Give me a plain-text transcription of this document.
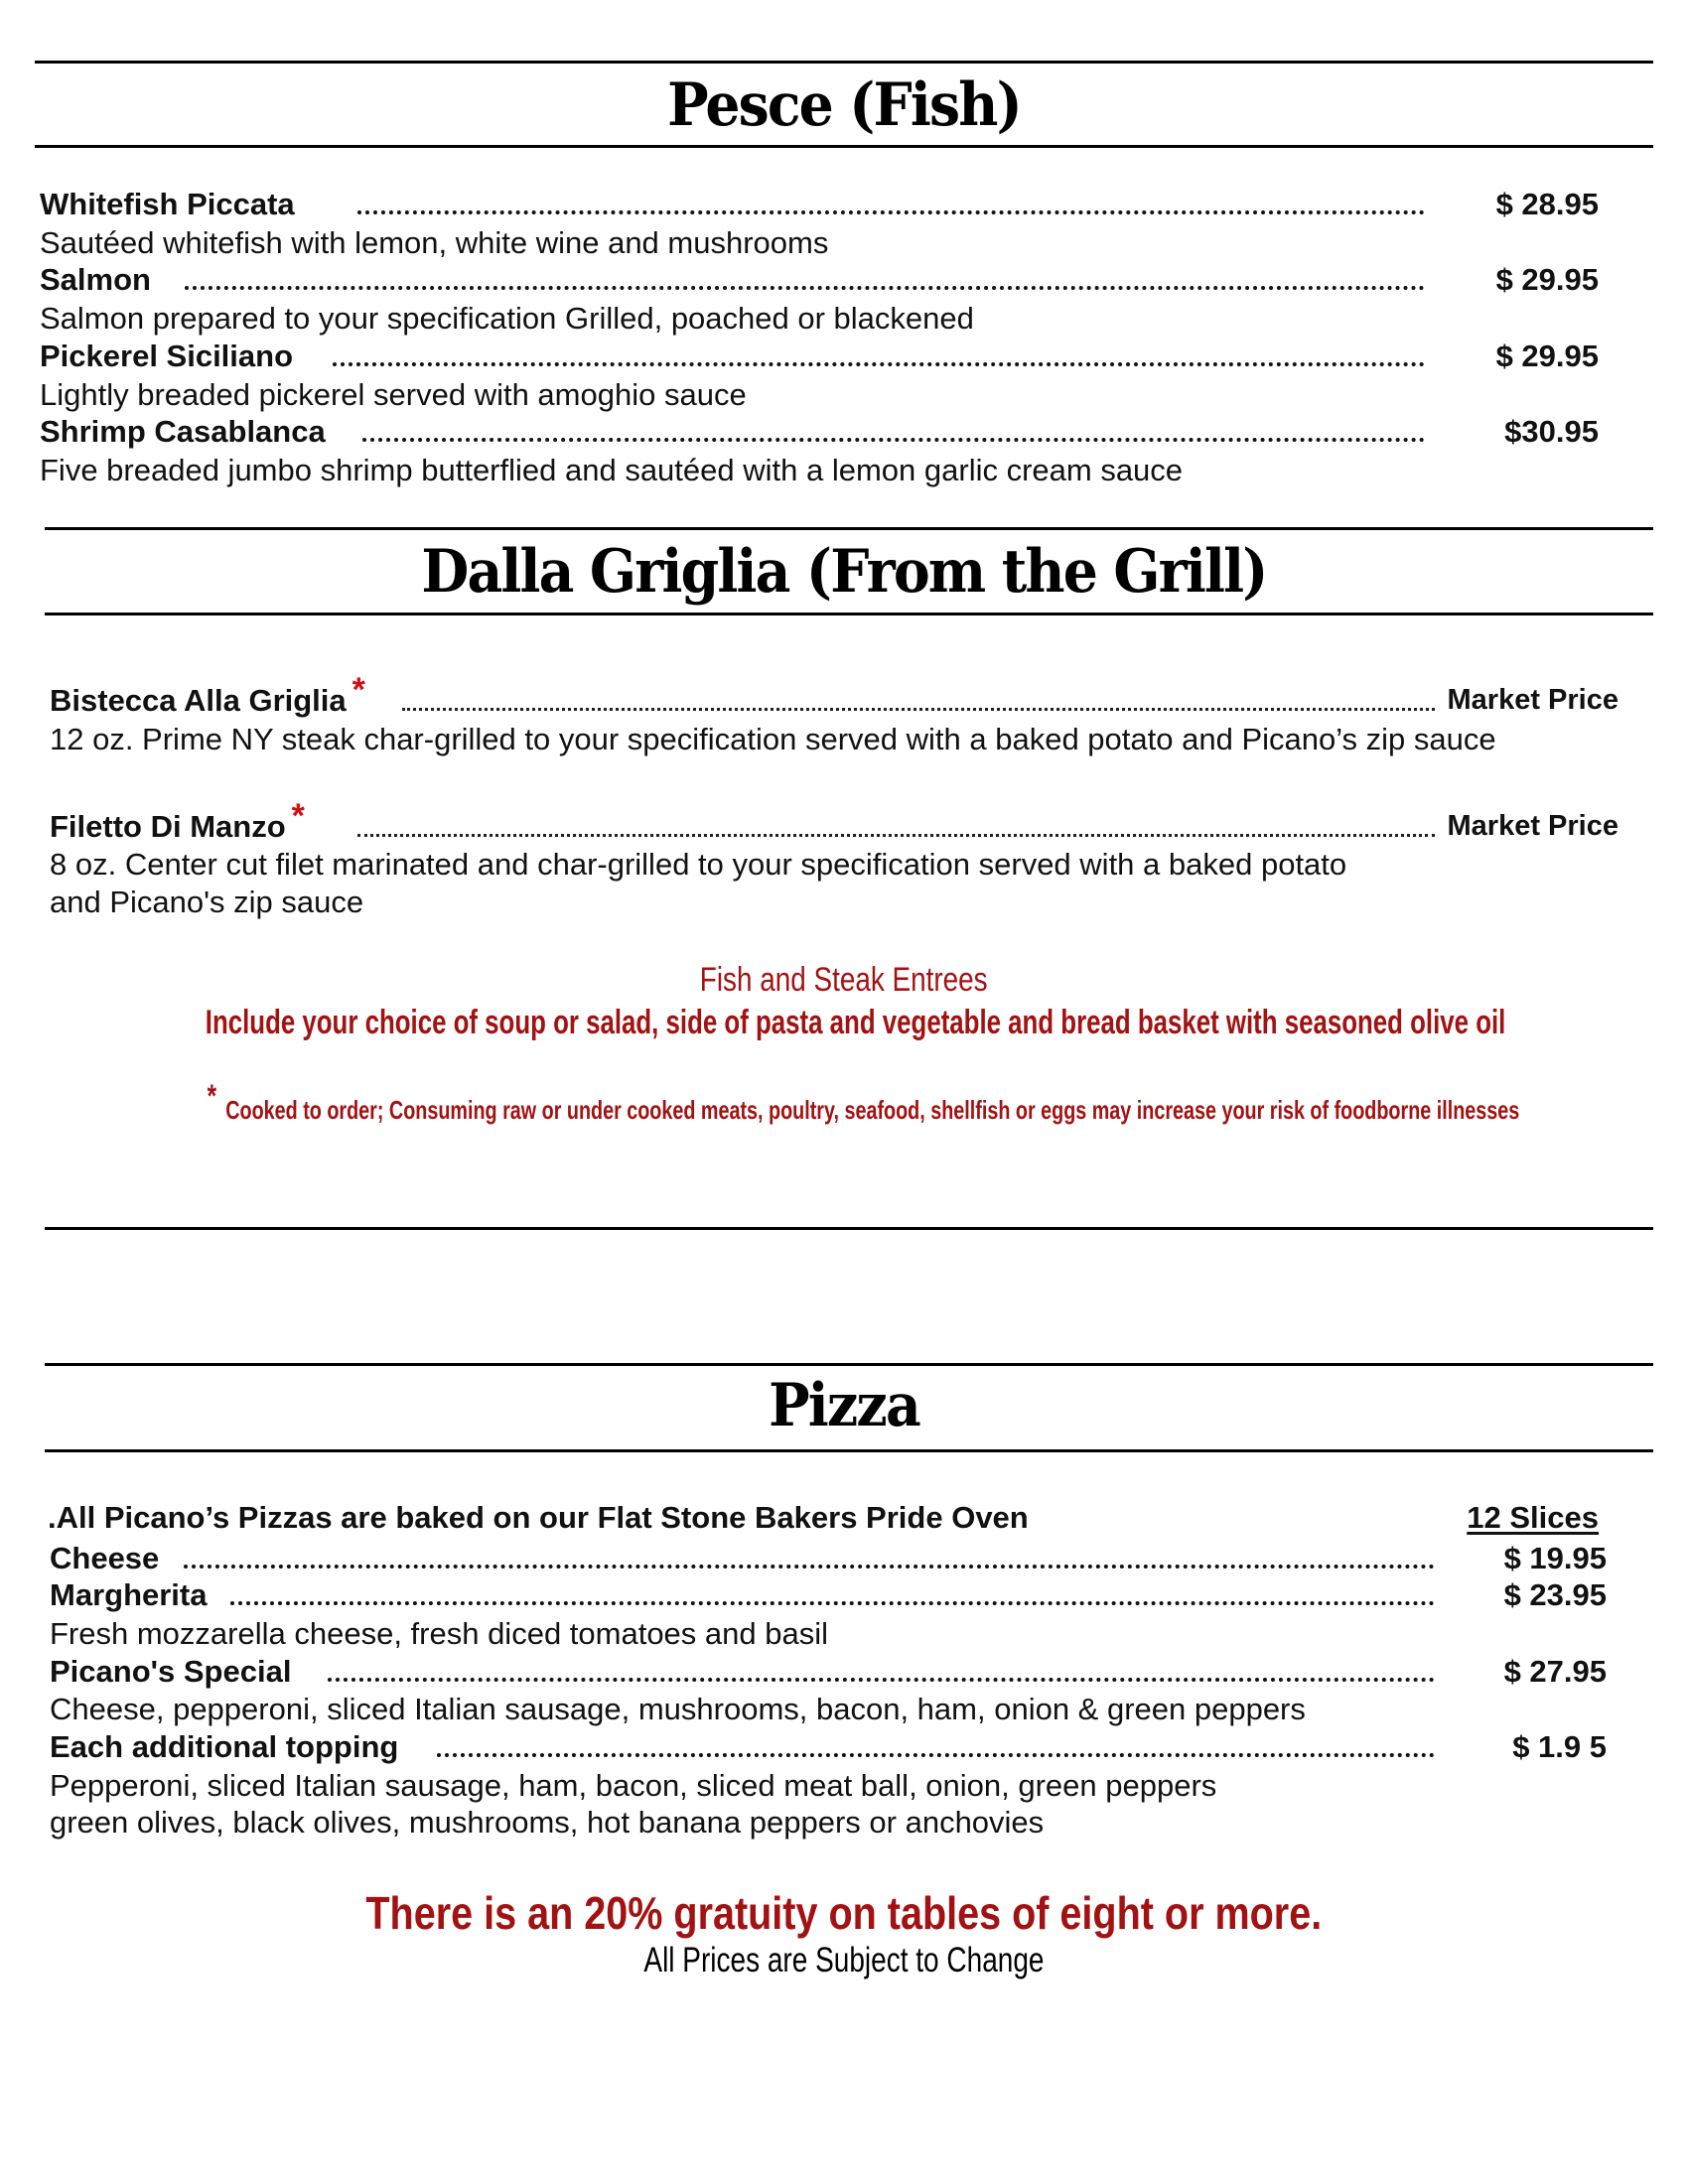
Pesce (Fish)
Whitefish Piccata	$ 28.95
Sautéed whitefish with lemon, white wine and mushrooms
Salmon	$ 29.95
Salmon prepared to your specification Grilled, poached or blackened
Pickerel Siciliano	$ 29.95
Lightly breaded pickerel served with amoghio sauce
Shrimp Casablanca	$30.95
Five breaded jumbo shrimp butterflied and sautéed with a lemon garlic cream sauce
Dalla Griglia (From the Grill)
Bistecca Alla Griglia *	Market Price
12 oz. Prime NY steak char-grilled to your specification served with a baked potato and Picano’s zip sauce
Filetto Di Manzo *	Market Price
8 oz. Center cut filet marinated and char-grilled to your specification served with a baked potato
and Picano's zip sauce
Fish and Steak Entrees
Include your choice of soup or salad, side of pasta and vegetable and bread basket with seasoned olive oil
* Cooked to order; Consuming raw or under cooked meats, poultry, seafood, shellfish or eggs may increase your risk of foodborne illnesses
Pizza
.All Picano’s Pizzas are baked on our Flat Stone Bakers Pride Oven	12 Slices
Cheese	$ 19.95
Margherita	$ 23.95
Fresh mozzarella cheese, fresh diced tomatoes and basil
Picano's Special	$ 27.95
Cheese, pepperoni, sliced Italian sausage, mushrooms, bacon, ham, onion & green peppers
Each additional topping	$ 1.9 5
Pepperoni, sliced Italian sausage, ham, bacon, sliced meat ball, onion, green peppers
green olives, black olives, mushrooms, hot banana peppers or anchovies
There is an 20% gratuity on tables of eight or more.
All Prices are Subject to Change
